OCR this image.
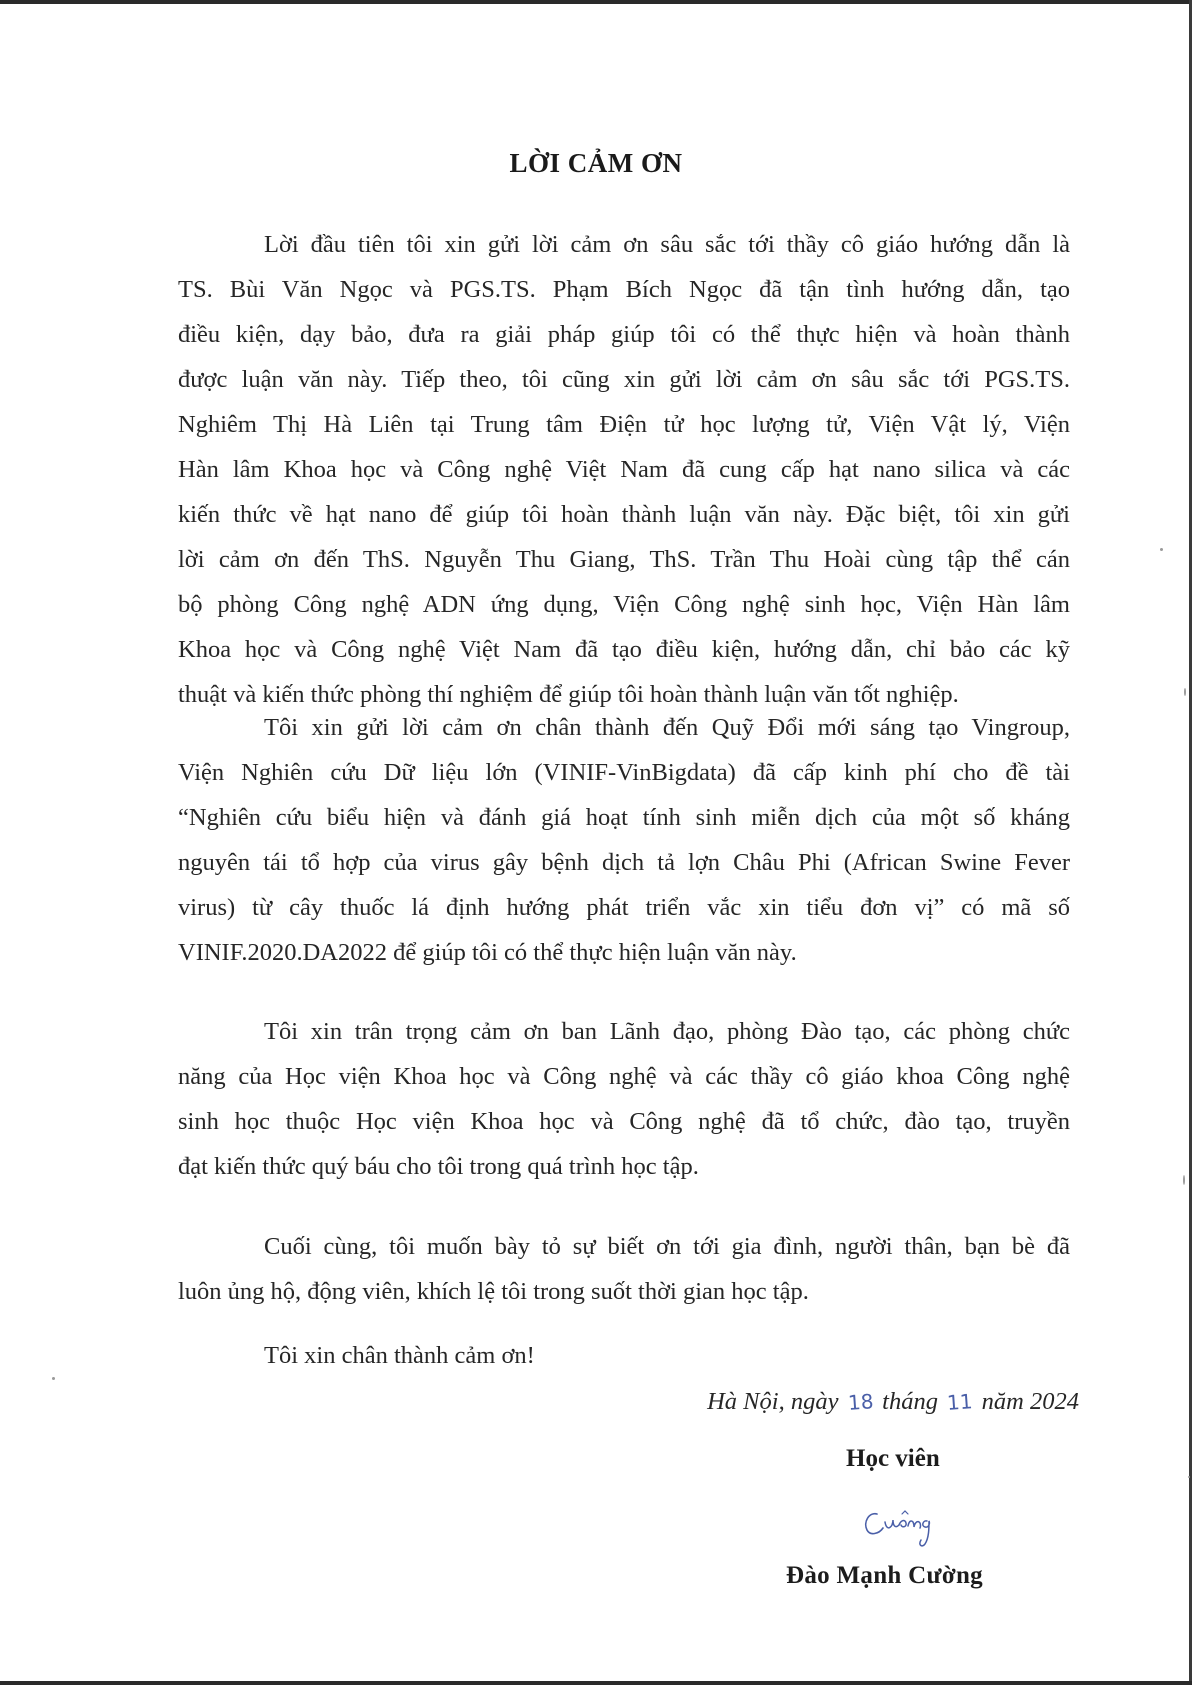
LỜI CẢM ƠN
Lời đầu tiên tôi xin gửi lời cảm ơn sâu sắc tới thầy cô giáo hướng dẫn là
TS. Bùi Văn Ngọc và PGS.TS. Phạm Bích Ngọc đã tận tình hướng dẫn, tạo
điều kiện, dạy bảo, đưa ra giải pháp giúp tôi có thể thực hiện và hoàn thành
được luận văn này. Tiếp theo, tôi cũng xin gửi lời cảm ơn sâu sắc tới PGS.TS.
Nghiêm Thị Hà Liên tại Trung tâm Điện tử học lượng tử, Viện Vật lý, Viện
Hàn lâm Khoa học và Công nghệ Việt Nam đã cung cấp hạt nano silica và các
kiến thức về hạt nano để giúp tôi hoàn thành luận văn này. Đặc biệt, tôi xin gửi
lời cảm ơn đến ThS. Nguyễn Thu Giang, ThS. Trần Thu Hoài cùng tập thể cán
bộ phòng Công nghệ ADN ứng dụng, Viện Công nghệ sinh học, Viện Hàn lâm
Khoa học và Công nghệ Việt Nam đã tạo điều kiện, hướng dẫn, chỉ bảo các kỹ
thuật và kiến thức phòng thí nghiệm để giúp tôi hoàn thành luận văn tốt nghiệp.
Tôi xin gửi lời cảm ơn chân thành đến Quỹ Đổi mới sáng tạo Vingroup,
Viện Nghiên cứu Dữ liệu lớn (VINIF-VinBigdata) đã cấp kinh phí cho đề tài
“Nghiên cứu biểu hiện và đánh giá hoạt tính sinh miễn dịch của một số kháng
nguyên tái tổ hợp của virus gây bệnh dịch tả lợn Châu Phi (African Swine Fever
virus) từ cây thuốc lá định hướng phát triển vắc xin tiểu đơn vị” có mã số
VINIF.2020.DA2022 để giúp tôi có thể thực hiện luận văn này.
Tôi xin trân trọng cảm ơn ban Lãnh đạo, phòng Đào tạo, các phòng chức
năng của Học viện Khoa học và Công nghệ và các thầy cô giáo khoa Công nghệ
sinh học thuộc Học viện Khoa học và Công nghệ đã tổ chức, đào tạo, truyền
đạt kiến thức quý báu cho tôi trong quá trình học tập.
Cuối cùng, tôi muốn bày tỏ sự biết ơn tới gia đình, người thân, bạn bè đã
luôn ủng hộ, động viên, khích lệ tôi trong suốt thời gian học tập.
Tôi xin chân thành cảm ơn!
Hà Nội, ngày 18 tháng 11 năm 2024
Học viên
Đào Mạnh Cường
